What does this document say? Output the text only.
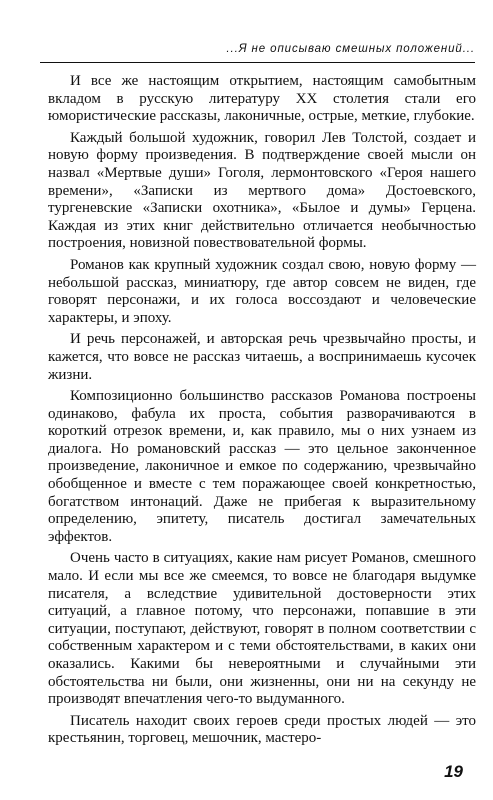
...Я не описываю смешных положений...

И все же настоящим открытием, настоящим самобытным вкладом в русскую литературу XX столетия стали его юмористические рассказы, лаконичные, острые, меткие, глубокие.

Каждый большой художник, говорил Лев Толстой, создает и новую форму произведения. В подтверждение своей мысли он назвал «Мертвые души» Гоголя, лермонтовского «Героя нашего времени», «Записки из мертвого дома» Достоевского, тургеневские «Записки охотника», «Былое и думы» Герцена. Каждая из этих книг действительно отличается необычностью построения, новизной повествовательной формы.

Романов как крупный художник создал свою, новую форму — небольшой рассказ, миниатюру, где автор совсем не виден, где говорят персонажи, и их голоса воссоздают и человеческие характеры, и эпоху.

И речь персонажей, и авторская речь чрезвычайно просты, и кажется, что вовсе не рассказ читаешь, а воспринимаешь кусочек жизни.

Композиционно большинство рассказов Романова построены одинаково, фабула их проста, события разворачиваются в короткий отрезок времени, и, как правило, мы о них узнаем из диалога. Но романовский рассказ — это цельное законченное произведение, лаконичное и емкое по содержанию, чрезвычайно обобщенное и вместе с тем поражающее своей конкретностью, богатством интонаций. Даже не прибегая к выразительному определению, эпитету, писатель достигал замечательных эффектов.

Очень часто в ситуациях, какие нам рисует Романов, смешного мало. И если мы все же смеемся, то вовсе не благодаря выдумке писателя, а вследствие удивительной достоверности этих ситуаций, а главное потому, что персонажи, попавшие в эти ситуации, поступают, действуют, говорят в полном соответствии с собственным характером и с теми обстоятельствами, в каких они оказались. Какими бы невероятными и случайными эти обстоятельства ни были, они жизненны, они ни на секунду не производят впечатления чего-то выдуманного.

Писатель находит своих героев среди простых людей — это крестьянин, торговец, мешочник, мастеро-

19
